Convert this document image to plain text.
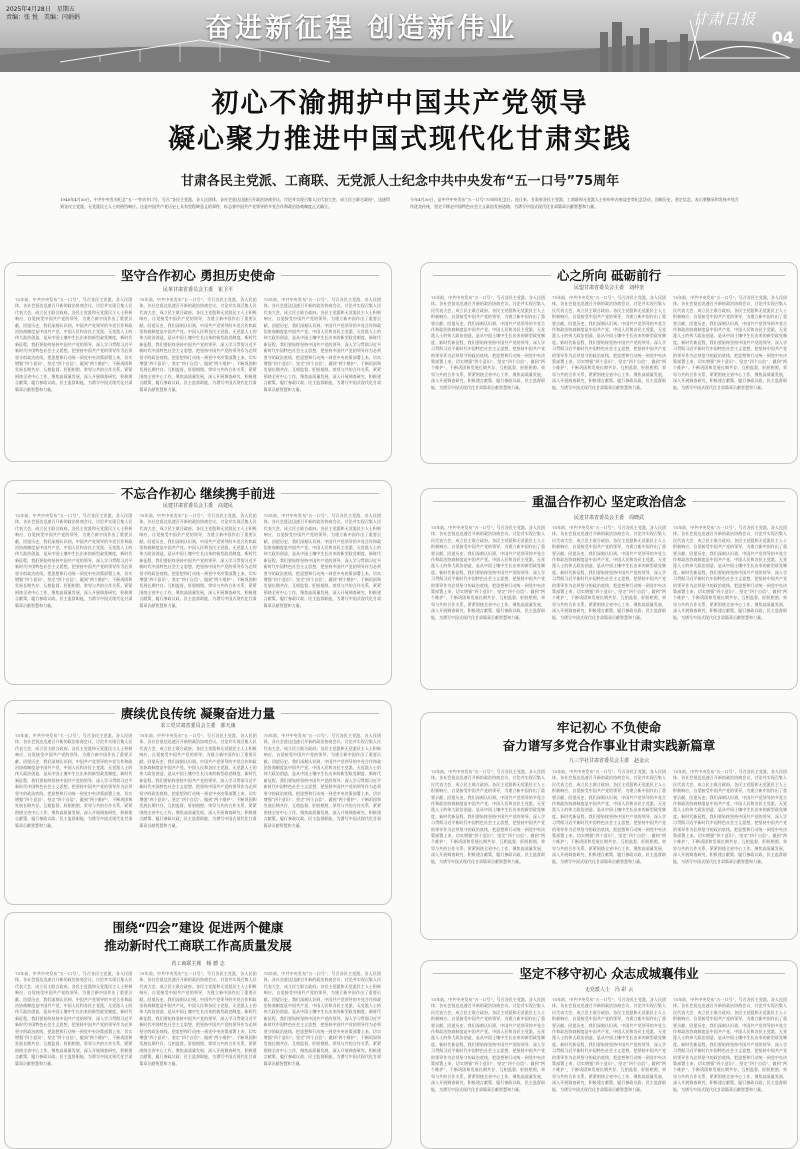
2025年4月28日　星期五
责编：张 悦　美编：闫娟娟	奋进新征程 创造新伟业	甘肃日报
04
初心不渝拥护中国共产党领导
凝心聚力推进中国式现代化甘肃实践
甘肃各民主党派、工商联、无党派人士纪念中共中央发布“五一口号”75周年
1948年4月30日，中共中央发布纪念“五一”劳动节口号，号召“各民主党派、各人民团体、各社会贤达迅速召开政治协商会议，讨论并实现召集人民代表大会，成立民主联合政府”，迅速得到各民主党派、无党派民主人士的热烈响应。这是中国共产党历史上具有里程碑意义的事件，标志着中国共产党领导的多党合作和政治协商制度正式确立。
今年4月30日，是中共中央发布“五一口号”75周年纪念日。连日来，甘肃省各民主党派、工商联和无党派人士纷纷举办座谈会等纪念活动，回顾历史、坚定信念，表示要继承和发扬多党合作优良传统，坚定不移走中国特色社会主义政治发展道路，为谱写中国式现代化甘肃篇章贡献智慧和力量。
坚守合作初心 勇担历史使命
民革甘肃省委员会主委　崔卫平
75年前，中共中央发布“五一口号”，号召各民主党派、各人民团体、各社会贤达迅速召开新的政治协商会议，讨论并实现召集人民代表大会，成立民主联合政府。各民主党派和无党派民主人士积极响应，自觉接受中国共产党的领导，为建立新中国作出了重要贡献。回望历史，我们深刻认识到，中国共产党领导的多党合作和政治协商制度是中国共产党、中国人民和各民主党派、无党派人士的伟大政治创造，是从中国土壤中生长出来的新型政党制度。新时代新征程，我们要始终坚持中国共产党的领导，深入学习贯彻习近平新时代中国特色社会主义思想，把坚持中国共产党的领导作为必须坚守的政治底线，把思想和行动统一到党中央决策部署上来，切实增强“四个意识”、坚定“四个自信”、做到“两个维护”，不断巩固和发展长期共存、互相监督、肝胆相照、荣辱与共的合作关系，紧紧围绕全省中心工作，聚焦高质量发展，深入开展调查研究，积极建言献策，履行参政议政、民主监督职能，为谱写中国式现代化甘肃篇章贡献智慧和力量。
75年前，中共中央发布“五一口号”，号召各民主党派、各人民团体、各社会贤达迅速召开新的政治协商会议，讨论并实现召集人民代表大会，成立民主联合政府。各民主党派和无党派民主人士积极响应，自觉接受中国共产党的领导，为建立新中国作出了重要贡献。回望历史，我们深刻认识到，中国共产党领导的多党合作和政治协商制度是中国共产党、中国人民和各民主党派、无党派人士的伟大政治创造，是从中国土壤中生长出来的新型政党制度。新时代新征程，我们要始终坚持中国共产党的领导，深入学习贯彻习近平新时代中国特色社会主义思想，把坚持中国共产党的领导作为必须坚守的政治底线，把思想和行动统一到党中央决策部署上来，切实增强“四个意识”、坚定“四个自信”、做到“两个维护”，不断巩固和发展长期共存、互相监督、肝胆相照、荣辱与共的合作关系，紧紧围绕全省中心工作，聚焦高质量发展，深入开展调查研究，积极建言献策，履行参政议政、民主监督职能，为谱写中国式现代化甘肃篇章贡献智慧和力量。
75年前，中共中央发布“五一口号”，号召各民主党派、各人民团体、各社会贤达迅速召开新的政治协商会议，讨论并实现召集人民代表大会，成立民主联合政府。各民主党派和无党派民主人士积极响应，自觉接受中国共产党的领导，为建立新中国作出了重要贡献。回望历史，我们深刻认识到，中国共产党领导的多党合作和政治协商制度是中国共产党、中国人民和各民主党派、无党派人士的伟大政治创造，是从中国土壤中生长出来的新型政党制度。新时代新征程，我们要始终坚持中国共产党的领导，深入学习贯彻习近平新时代中国特色社会主义思想，把坚持中国共产党的领导作为必须坚守的政治底线，把思想和行动统一到党中央决策部署上来，切实增强“四个意识”、坚定“四个自信”、做到“两个维护”，不断巩固和发展长期共存、互相监督、肝胆相照、荣辱与共的合作关系，紧紧围绕全省中心工作，聚焦高质量发展，深入开展调查研究，积极建言献策，履行参政议政、民主监督职能，为谱写中国式现代化甘肃篇章贡献智慧和力量。
心之所向 砥砺前行
民盟甘肃省委员会主委　刘仲奎
75年前，中共中央发布“五一口号”，号召各民主党派、各人民团体、各社会贤达迅速召开新的政治协商会议，讨论并实现召集人民代表大会，成立民主联合政府。各民主党派和无党派民主人士积极响应，自觉接受中国共产党的领导，为建立新中国作出了重要贡献。回望历史，我们深刻认识到，中国共产党领导的多党合作和政治协商制度是中国共产党、中国人民和各民主党派、无党派人士的伟大政治创造，是从中国土壤中生长出来的新型政党制度。新时代新征程，我们要始终坚持中国共产党的领导，深入学习贯彻习近平新时代中国特色社会主义思想，把坚持中国共产党的领导作为必须坚守的政治底线，把思想和行动统一到党中央决策部署上来，切实增强“四个意识”、坚定“四个自信”、做到“两个维护”，不断巩固和发展长期共存、互相监督、肝胆相照、荣辱与共的合作关系，紧紧围绕全省中心工作，聚焦高质量发展，深入开展调查研究，积极建言献策，履行参政议政、民主监督职能，为谱写中国式现代化甘肃篇章贡献智慧和力量。
75年前，中共中央发布“五一口号”，号召各民主党派、各人民团体、各社会贤达迅速召开新的政治协商会议，讨论并实现召集人民代表大会，成立民主联合政府。各民主党派和无党派民主人士积极响应，自觉接受中国共产党的领导，为建立新中国作出了重要贡献。回望历史，我们深刻认识到，中国共产党领导的多党合作和政治协商制度是中国共产党、中国人民和各民主党派、无党派人士的伟大政治创造，是从中国土壤中生长出来的新型政党制度。新时代新征程，我们要始终坚持中国共产党的领导，深入学习贯彻习近平新时代中国特色社会主义思想，把坚持中国共产党的领导作为必须坚守的政治底线，把思想和行动统一到党中央决策部署上来，切实增强“四个意识”、坚定“四个自信”、做到“两个维护”，不断巩固和发展长期共存、互相监督、肝胆相照、荣辱与共的合作关系，紧紧围绕全省中心工作，聚焦高质量发展，深入开展调查研究，积极建言献策，履行参政议政、民主监督职能，为谱写中国式现代化甘肃篇章贡献智慧和力量。
75年前，中共中央发布“五一口号”，号召各民主党派、各人民团体、各社会贤达迅速召开新的政治协商会议，讨论并实现召集人民代表大会，成立民主联合政府。各民主党派和无党派民主人士积极响应，自觉接受中国共产党的领导，为建立新中国作出了重要贡献。回望历史，我们深刻认识到，中国共产党领导的多党合作和政治协商制度是中国共产党、中国人民和各民主党派、无党派人士的伟大政治创造，是从中国土壤中生长出来的新型政党制度。新时代新征程，我们要始终坚持中国共产党的领导，深入学习贯彻习近平新时代中国特色社会主义思想，把坚持中国共产党的领导作为必须坚守的政治底线，把思想和行动统一到党中央决策部署上来，切实增强“四个意识”、坚定“四个自信”、做到“两个维护”，不断巩固和发展长期共存、互相监督、肝胆相照、荣辱与共的合作关系，紧紧围绕全省中心工作，聚焦高质量发展，深入开展调查研究，积极建言献策，履行参政议政、民主监督职能，为谱写中国式现代化甘肃篇章贡献智慧和力量。
不忘合作初心 继续携手前进
民建甘肃省委员会主委　高建民
75年前，中共中央发布“五一口号”，号召各民主党派、各人民团体、各社会贤达迅速召开新的政治协商会议，讨论并实现召集人民代表大会，成立民主联合政府。各民主党派和无党派民主人士积极响应，自觉接受中国共产党的领导，为建立新中国作出了重要贡献。回望历史，我们深刻认识到，中国共产党领导的多党合作和政治协商制度是中国共产党、中国人民和各民主党派、无党派人士的伟大政治创造，是从中国土壤中生长出来的新型政党制度。新时代新征程，我们要始终坚持中国共产党的领导，深入学习贯彻习近平新时代中国特色社会主义思想，把坚持中国共产党的领导作为必须坚守的政治底线，把思想和行动统一到党中央决策部署上来，切实增强“四个意识”、坚定“四个自信”、做到“两个维护”，不断巩固和发展长期共存、互相监督、肝胆相照、荣辱与共的合作关系，紧紧围绕全省中心工作，聚焦高质量发展，深入开展调查研究，积极建言献策，履行参政议政、民主监督职能，为谱写中国式现代化甘肃篇章贡献智慧和力量。
75年前，中共中央发布“五一口号”，号召各民主党派、各人民团体、各社会贤达迅速召开新的政治协商会议，讨论并实现召集人民代表大会，成立民主联合政府。各民主党派和无党派民主人士积极响应，自觉接受中国共产党的领导，为建立新中国作出了重要贡献。回望历史，我们深刻认识到，中国共产党领导的多党合作和政治协商制度是中国共产党、中国人民和各民主党派、无党派人士的伟大政治创造，是从中国土壤中生长出来的新型政党制度。新时代新征程，我们要始终坚持中国共产党的领导，深入学习贯彻习近平新时代中国特色社会主义思想，把坚持中国共产党的领导作为必须坚守的政治底线，把思想和行动统一到党中央决策部署上来，切实增强“四个意识”、坚定“四个自信”、做到“两个维护”，不断巩固和发展长期共存、互相监督、肝胆相照、荣辱与共的合作关系，紧紧围绕全省中心工作，聚焦高质量发展，深入开展调查研究，积极建言献策，履行参政议政、民主监督职能，为谱写中国式现代化甘肃篇章贡献智慧和力量。
75年前，中共中央发布“五一口号”，号召各民主党派、各人民团体、各社会贤达迅速召开新的政治协商会议，讨论并实现召集人民代表大会，成立民主联合政府。各民主党派和无党派民主人士积极响应，自觉接受中国共产党的领导，为建立新中国作出了重要贡献。回望历史，我们深刻认识到，中国共产党领导的多党合作和政治协商制度是中国共产党、中国人民和各民主党派、无党派人士的伟大政治创造，是从中国土壤中生长出来的新型政党制度。新时代新征程，我们要始终坚持中国共产党的领导，深入学习贯彻习近平新时代中国特色社会主义思想，把坚持中国共产党的领导作为必须坚守的政治底线，把思想和行动统一到党中央决策部署上来，切实增强“四个意识”、坚定“四个自信”、做到“两个维护”，不断巩固和发展长期共存、互相监督、肝胆相照、荣辱与共的合作关系，紧紧围绕全省中心工作，聚焦高质量发展，深入开展调查研究，积极建言献策，履行参政议政、民主监督职能，为谱写中国式现代化甘肃篇章贡献智慧和力量。
重温合作初心 坚定政治信念
民进甘肃省委员会主委　周晓武
75年前，中共中央发布“五一口号”，号召各民主党派、各人民团体、各社会贤达迅速召开新的政治协商会议，讨论并实现召集人民代表大会，成立民主联合政府。各民主党派和无党派民主人士积极响应，自觉接受中国共产党的领导，为建立新中国作出了重要贡献。回望历史，我们深刻认识到，中国共产党领导的多党合作和政治协商制度是中国共产党、中国人民和各民主党派、无党派人士的伟大政治创造，是从中国土壤中生长出来的新型政党制度。新时代新征程，我们要始终坚持中国共产党的领导，深入学习贯彻习近平新时代中国特色社会主义思想，把坚持中国共产党的领导作为必须坚守的政治底线，把思想和行动统一到党中央决策部署上来，切实增强“四个意识”、坚定“四个自信”、做到“两个维护”，不断巩固和发展长期共存、互相监督、肝胆相照、荣辱与共的合作关系，紧紧围绕全省中心工作，聚焦高质量发展，深入开展调查研究，积极建言献策，履行参政议政、民主监督职能，为谱写中国式现代化甘肃篇章贡献智慧和力量。
75年前，中共中央发布“五一口号”，号召各民主党派、各人民团体、各社会贤达迅速召开新的政治协商会议，讨论并实现召集人民代表大会，成立民主联合政府。各民主党派和无党派民主人士积极响应，自觉接受中国共产党的领导，为建立新中国作出了重要贡献。回望历史，我们深刻认识到，中国共产党领导的多党合作和政治协商制度是中国共产党、中国人民和各民主党派、无党派人士的伟大政治创造，是从中国土壤中生长出来的新型政党制度。新时代新征程，我们要始终坚持中国共产党的领导，深入学习贯彻习近平新时代中国特色社会主义思想，把坚持中国共产党的领导作为必须坚守的政治底线，把思想和行动统一到党中央决策部署上来，切实增强“四个意识”、坚定“四个自信”、做到“两个维护”，不断巩固和发展长期共存、互相监督、肝胆相照、荣辱与共的合作关系，紧紧围绕全省中心工作，聚焦高质量发展，深入开展调查研究，积极建言献策，履行参政议政、民主监督职能，为谱写中国式现代化甘肃篇章贡献智慧和力量。
75年前，中共中央发布“五一口号”，号召各民主党派、各人民团体、各社会贤达迅速召开新的政治协商会议，讨论并实现召集人民代表大会，成立民主联合政府。各民主党派和无党派民主人士积极响应，自觉接受中国共产党的领导，为建立新中国作出了重要贡献。回望历史，我们深刻认识到，中国共产党领导的多党合作和政治协商制度是中国共产党、中国人民和各民主党派、无党派人士的伟大政治创造，是从中国土壤中生长出来的新型政党制度。新时代新征程，我们要始终坚持中国共产党的领导，深入学习贯彻习近平新时代中国特色社会主义思想，把坚持中国共产党的领导作为必须坚守的政治底线，把思想和行动统一到党中央决策部署上来，切实增强“四个意识”、坚定“四个自信”、做到“两个维护”，不断巩固和发展长期共存、互相监督、肝胆相照、荣辱与共的合作关系，紧紧围绕全省中心工作，聚焦高质量发展，深入开展调查研究，积极建言献策，履行参政议政、民主监督职能，为谱写中国式现代化甘肃篇章贡献智慧和力量。
赓续优良传统 凝聚奋进力量
农工党甘肃省委员会主委　郭天康
75年前，中共中央发布“五一口号”，号召各民主党派、各人民团体、各社会贤达迅速召开新的政治协商会议，讨论并实现召集人民代表大会，成立民主联合政府。各民主党派和无党派民主人士积极响应，自觉接受中国共产党的领导，为建立新中国作出了重要贡献。回望历史，我们深刻认识到，中国共产党领导的多党合作和政治协商制度是中国共产党、中国人民和各民主党派、无党派人士的伟大政治创造，是从中国土壤中生长出来的新型政党制度。新时代新征程，我们要始终坚持中国共产党的领导，深入学习贯彻习近平新时代中国特色社会主义思想，把坚持中国共产党的领导作为必须坚守的政治底线，把思想和行动统一到党中央决策部署上来，切实增强“四个意识”、坚定“四个自信”、做到“两个维护”，不断巩固和发展长期共存、互相监督、肝胆相照、荣辱与共的合作关系，紧紧围绕全省中心工作，聚焦高质量发展，深入开展调查研究，积极建言献策，履行参政议政、民主监督职能，为谱写中国式现代化甘肃篇章贡献智慧和力量。
75年前，中共中央发布“五一口号”，号召各民主党派、各人民团体、各社会贤达迅速召开新的政治协商会议，讨论并实现召集人民代表大会，成立民主联合政府。各民主党派和无党派民主人士积极响应，自觉接受中国共产党的领导，为建立新中国作出了重要贡献。回望历史，我们深刻认识到，中国共产党领导的多党合作和政治协商制度是中国共产党、中国人民和各民主党派、无党派人士的伟大政治创造，是从中国土壤中生长出来的新型政党制度。新时代新征程，我们要始终坚持中国共产党的领导，深入学习贯彻习近平新时代中国特色社会主义思想，把坚持中国共产党的领导作为必须坚守的政治底线，把思想和行动统一到党中央决策部署上来，切实增强“四个意识”、坚定“四个自信”、做到“两个维护”，不断巩固和发展长期共存、互相监督、肝胆相照、荣辱与共的合作关系，紧紧围绕全省中心工作，聚焦高质量发展，深入开展调查研究，积极建言献策，履行参政议政、民主监督职能，为谱写中国式现代化甘肃篇章贡献智慧和力量。
75年前，中共中央发布“五一口号”，号召各民主党派、各人民团体、各社会贤达迅速召开新的政治协商会议，讨论并实现召集人民代表大会，成立民主联合政府。各民主党派和无党派民主人士积极响应，自觉接受中国共产党的领导，为建立新中国作出了重要贡献。回望历史，我们深刻认识到，中国共产党领导的多党合作和政治协商制度是中国共产党、中国人民和各民主党派、无党派人士的伟大政治创造，是从中国土壤中生长出来的新型政党制度。新时代新征程，我们要始终坚持中国共产党的领导，深入学习贯彻习近平新时代中国特色社会主义思想，把坚持中国共产党的领导作为必须坚守的政治底线，把思想和行动统一到党中央决策部署上来，切实增强“四个意识”、坚定“四个自信”、做到“两个维护”，不断巩固和发展长期共存、互相监督、肝胆相照、荣辱与共的合作关系，紧紧围绕全省中心工作，聚焦高质量发展，深入开展调查研究，积极建言献策，履行参政议政、民主监督职能，为谱写中国式现代化甘肃篇章贡献智慧和力量。
牢记初心 不负使命
奋力谱写多党合作事业甘肃实践新篇章
九三学社甘肃省委员会主委　赵金云
75年前，中共中央发布“五一口号”，号召各民主党派、各人民团体、各社会贤达迅速召开新的政治协商会议，讨论并实现召集人民代表大会，成立民主联合政府。各民主党派和无党派民主人士积极响应，自觉接受中国共产党的领导，为建立新中国作出了重要贡献。回望历史，我们深刻认识到，中国共产党领导的多党合作和政治协商制度是中国共产党、中国人民和各民主党派、无党派人士的伟大政治创造，是从中国土壤中生长出来的新型政党制度。新时代新征程，我们要始终坚持中国共产党的领导，深入学习贯彻习近平新时代中国特色社会主义思想，把坚持中国共产党的领导作为必须坚守的政治底线，把思想和行动统一到党中央决策部署上来，切实增强“四个意识”、坚定“四个自信”、做到“两个维护”，不断巩固和发展长期共存、互相监督、肝胆相照、荣辱与共的合作关系，紧紧围绕全省中心工作，聚焦高质量发展，深入开展调查研究，积极建言献策，履行参政议政、民主监督职能，为谱写中国式现代化甘肃篇章贡献智慧和力量。
75年前，中共中央发布“五一口号”，号召各民主党派、各人民团体、各社会贤达迅速召开新的政治协商会议，讨论并实现召集人民代表大会，成立民主联合政府。各民主党派和无党派民主人士积极响应，自觉接受中国共产党的领导，为建立新中国作出了重要贡献。回望历史，我们深刻认识到，中国共产党领导的多党合作和政治协商制度是中国共产党、中国人民和各民主党派、无党派人士的伟大政治创造，是从中国土壤中生长出来的新型政党制度。新时代新征程，我们要始终坚持中国共产党的领导，深入学习贯彻习近平新时代中国特色社会主义思想，把坚持中国共产党的领导作为必须坚守的政治底线，把思想和行动统一到党中央决策部署上来，切实增强“四个意识”、坚定“四个自信”、做到“两个维护”，不断巩固和发展长期共存、互相监督、肝胆相照、荣辱与共的合作关系，紧紧围绕全省中心工作，聚焦高质量发展，深入开展调查研究，积极建言献策，履行参政议政、民主监督职能，为谱写中国式现代化甘肃篇章贡献智慧和力量。
75年前，中共中央发布“五一口号”，号召各民主党派、各人民团体、各社会贤达迅速召开新的政治协商会议，讨论并实现召集人民代表大会，成立民主联合政府。各民主党派和无党派民主人士积极响应，自觉接受中国共产党的领导，为建立新中国作出了重要贡献。回望历史，我们深刻认识到，中国共产党领导的多党合作和政治协商制度是中国共产党、中国人民和各民主党派、无党派人士的伟大政治创造，是从中国土壤中生长出来的新型政党制度。新时代新征程，我们要始终坚持中国共产党的领导，深入学习贯彻习近平新时代中国特色社会主义思想，把坚持中国共产党的领导作为必须坚守的政治底线，把思想和行动统一到党中央决策部署上来，切实增强“四个意识”、坚定“四个自信”、做到“两个维护”，不断巩固和发展长期共存、互相监督、肝胆相照、荣辱与共的合作关系，紧紧围绕全省中心工作，聚焦高质量发展，深入开展调查研究，积极建言献策，履行参政议政、民主监督职能，为谱写中国式现代化甘肃篇章贡献智慧和力量。
围绕“四会”建设 促进两个健康
推动新时代工商联工作高质量发展
省工商联主席　杨 德 志
75年前，中共中央发布“五一口号”，号召各民主党派、各人民团体、各社会贤达迅速召开新的政治协商会议，讨论并实现召集人民代表大会，成立民主联合政府。各民主党派和无党派民主人士积极响应，自觉接受中国共产党的领导，为建立新中国作出了重要贡献。回望历史，我们深刻认识到，中国共产党领导的多党合作和政治协商制度是中国共产党、中国人民和各民主党派、无党派人士的伟大政治创造，是从中国土壤中生长出来的新型政党制度。新时代新征程，我们要始终坚持中国共产党的领导，深入学习贯彻习近平新时代中国特色社会主义思想，把坚持中国共产党的领导作为必须坚守的政治底线，把思想和行动统一到党中央决策部署上来，切实增强“四个意识”、坚定“四个自信”、做到“两个维护”，不断巩固和发展长期共存、互相监督、肝胆相照、荣辱与共的合作关系，紧紧围绕全省中心工作，聚焦高质量发展，深入开展调查研究，积极建言献策，履行参政议政、民主监督职能，为谱写中国式现代化甘肃篇章贡献智慧和力量。
75年前，中共中央发布“五一口号”，号召各民主党派、各人民团体、各社会贤达迅速召开新的政治协商会议，讨论并实现召集人民代表大会，成立民主联合政府。各民主党派和无党派民主人士积极响应，自觉接受中国共产党的领导，为建立新中国作出了重要贡献。回望历史，我们深刻认识到，中国共产党领导的多党合作和政治协商制度是中国共产党、中国人民和各民主党派、无党派人士的伟大政治创造，是从中国土壤中生长出来的新型政党制度。新时代新征程，我们要始终坚持中国共产党的领导，深入学习贯彻习近平新时代中国特色社会主义思想，把坚持中国共产党的领导作为必须坚守的政治底线，把思想和行动统一到党中央决策部署上来，切实增强“四个意识”、坚定“四个自信”、做到“两个维护”，不断巩固和发展长期共存、互相监督、肝胆相照、荣辱与共的合作关系，紧紧围绕全省中心工作，聚焦高质量发展，深入开展调查研究，积极建言献策，履行参政议政、民主监督职能，为谱写中国式现代化甘肃篇章贡献智慧和力量。
75年前，中共中央发布“五一口号”，号召各民主党派、各人民团体、各社会贤达迅速召开新的政治协商会议，讨论并实现召集人民代表大会，成立民主联合政府。各民主党派和无党派民主人士积极响应，自觉接受中国共产党的领导，为建立新中国作出了重要贡献。回望历史，我们深刻认识到，中国共产党领导的多党合作和政治协商制度是中国共产党、中国人民和各民主党派、无党派人士的伟大政治创造，是从中国土壤中生长出来的新型政党制度。新时代新征程，我们要始终坚持中国共产党的领导，深入学习贯彻习近平新时代中国特色社会主义思想，把坚持中国共产党的领导作为必须坚守的政治底线，把思想和行动统一到党中央决策部署上来，切实增强“四个意识”、坚定“四个自信”、做到“两个维护”，不断巩固和发展长期共存、互相监督、肝胆相照、荣辱与共的合作关系，紧紧围绕全省中心工作，聚焦高质量发展，深入开展调查研究，积极建言献策，履行参政议政、民主监督职能，为谱写中国式现代化甘肃篇章贡献智慧和力量。
坚定不移守初心 众志成城襄伟业
无党派人士　冯 彩 云
75年前，中共中央发布“五一口号”，号召各民主党派、各人民团体、各社会贤达迅速召开新的政治协商会议，讨论并实现召集人民代表大会，成立民主联合政府。各民主党派和无党派民主人士积极响应，自觉接受中国共产党的领导，为建立新中国作出了重要贡献。回望历史，我们深刻认识到，中国共产党领导的多党合作和政治协商制度是中国共产党、中国人民和各民主党派、无党派人士的伟大政治创造，是从中国土壤中生长出来的新型政党制度。新时代新征程，我们要始终坚持中国共产党的领导，深入学习贯彻习近平新时代中国特色社会主义思想，把坚持中国共产党的领导作为必须坚守的政治底线，把思想和行动统一到党中央决策部署上来，切实增强“四个意识”、坚定“四个自信”、做到“两个维护”，不断巩固和发展长期共存、互相监督、肝胆相照、荣辱与共的合作关系，紧紧围绕全省中心工作，聚焦高质量发展，深入开展调查研究，积极建言献策，履行参政议政、民主监督职能，为谱写中国式现代化甘肃篇章贡献智慧和力量。
75年前，中共中央发布“五一口号”，号召各民主党派、各人民团体、各社会贤达迅速召开新的政治协商会议，讨论并实现召集人民代表大会，成立民主联合政府。各民主党派和无党派民主人士积极响应，自觉接受中国共产党的领导，为建立新中国作出了重要贡献。回望历史，我们深刻认识到，中国共产党领导的多党合作和政治协商制度是中国共产党、中国人民和各民主党派、无党派人士的伟大政治创造，是从中国土壤中生长出来的新型政党制度。新时代新征程，我们要始终坚持中国共产党的领导，深入学习贯彻习近平新时代中国特色社会主义思想，把坚持中国共产党的领导作为必须坚守的政治底线，把思想和行动统一到党中央决策部署上来，切实增强“四个意识”、坚定“四个自信”、做到“两个维护”，不断巩固和发展长期共存、互相监督、肝胆相照、荣辱与共的合作关系，紧紧围绕全省中心工作，聚焦高质量发展，深入开展调查研究，积极建言献策，履行参政议政、民主监督职能，为谱写中国式现代化甘肃篇章贡献智慧和力量。
75年前，中共中央发布“五一口号”，号召各民主党派、各人民团体、各社会贤达迅速召开新的政治协商会议，讨论并实现召集人民代表大会，成立民主联合政府。各民主党派和无党派民主人士积极响应，自觉接受中国共产党的领导，为建立新中国作出了重要贡献。回望历史，我们深刻认识到，中国共产党领导的多党合作和政治协商制度是中国共产党、中国人民和各民主党派、无党派人士的伟大政治创造，是从中国土壤中生长出来的新型政党制度。新时代新征程，我们要始终坚持中国共产党的领导，深入学习贯彻习近平新时代中国特色社会主义思想，把坚持中国共产党的领导作为必须坚守的政治底线，把思想和行动统一到党中央决策部署上来，切实增强“四个意识”、坚定“四个自信”、做到“两个维护”，不断巩固和发展长期共存、互相监督、肝胆相照、荣辱与共的合作关系，紧紧围绕全省中心工作，聚焦高质量发展，深入开展调查研究，积极建言献策，履行参政议政、民主监督职能，为谱写中国式现代化甘肃篇章贡献智慧和力量。
